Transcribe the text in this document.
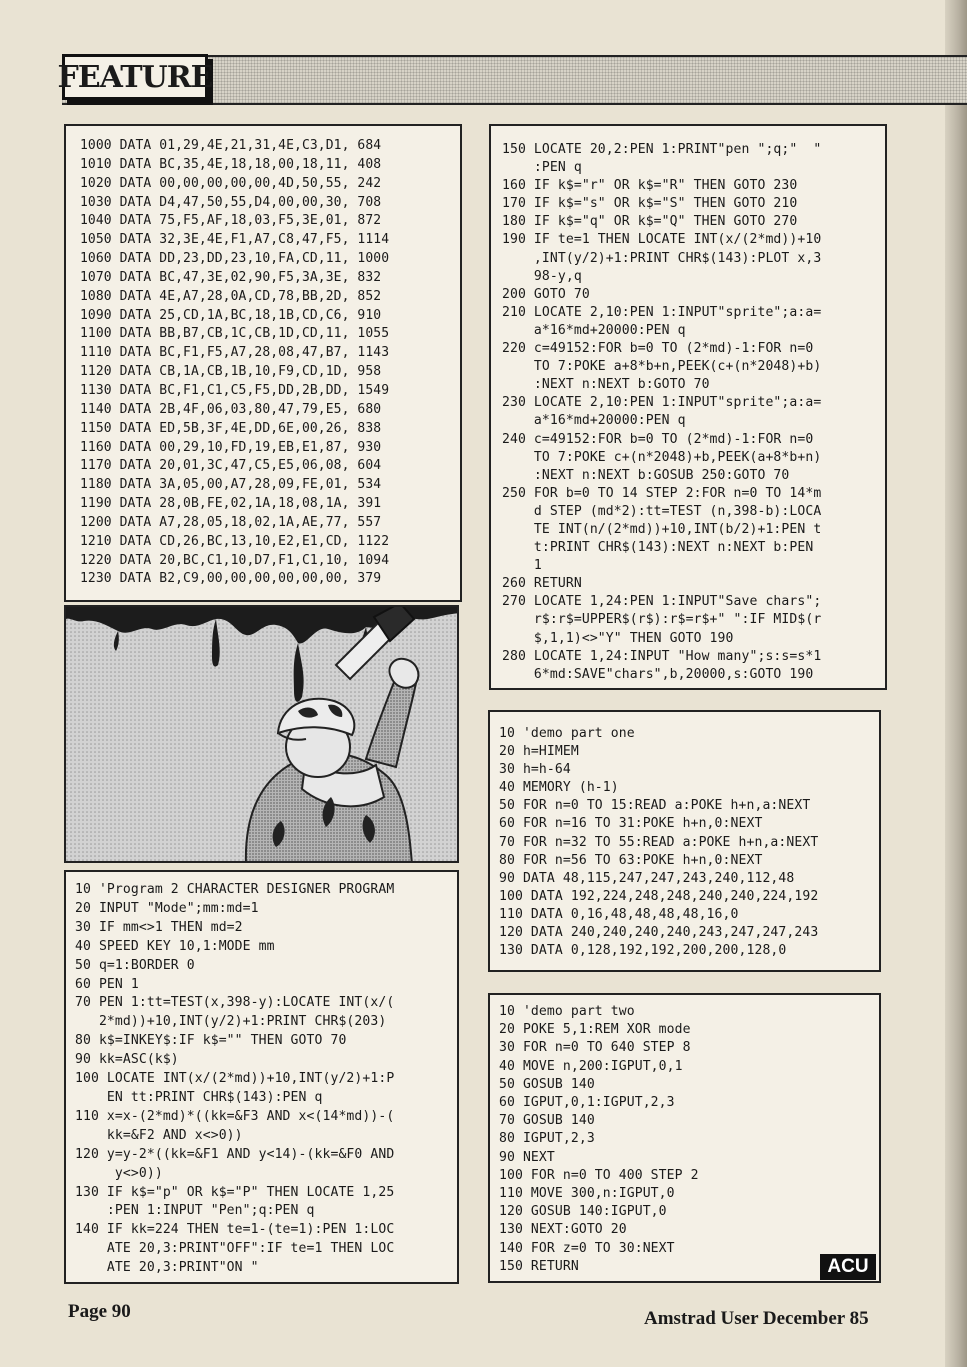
FEATURE
1000 DATA 01,29,4E,21,31,4E,C3,D1, 684
1010 DATA BC,35,4E,18,18,00,18,11, 408
1020 DATA 00,00,00,00,00,4D,50,55, 242
1030 DATA D4,47,50,55,D4,00,00,30, 708
1040 DATA 75,F5,AF,18,03,F5,3E,01, 872
1050 DATA 32,3E,4E,F1,A7,C8,47,F5, 1114
1060 DATA DD,23,DD,23,10,FA,CD,11, 1000
1070 DATA BC,47,3E,02,90,F5,3A,3E, 832
1080 DATA 4E,A7,28,0A,CD,78,BB,2D, 852
1090 DATA 25,CD,1A,BC,18,1B,CD,C6, 910
1100 DATA BB,B7,CB,1C,CB,1D,CD,11, 1055
1110 DATA BC,F1,F5,A7,28,08,47,B7, 1143
1120 DATA CB,1A,CB,1B,10,F9,CD,1D, 958
1130 DATA BC,F1,C1,C5,F5,DD,2B,DD, 1549
1140 DATA 2B,4F,06,03,80,47,79,E5, 680
1150 DATA ED,5B,3F,4E,DD,6E,00,26, 838
1160 DATA 00,29,10,FD,19,EB,E1,87, 930
1170 DATA 20,01,3C,47,C5,E5,06,08, 604
1180 DATA 3A,05,00,A7,28,09,FE,01, 534
1190 DATA 28,0B,FE,02,1A,18,08,1A, 391
1200 DATA A7,28,05,18,02,1A,AE,77, 557
1210 DATA CD,26,BC,13,10,E2,E1,CD, 1122
1220 DATA 20,BC,C1,10,D7,F1,C1,10, 1094
1230 DATA B2,C9,00,00,00,00,00,00, 379
150 LOCATE 20,2:PEN 1:PRINT"pen ";q;"  "
:PEN q
160 IF k$="r" OR k$="R" THEN GOTO 230
170 IF k$="s" OR k$="S" THEN GOTO 210
180 IF k$="q" OR k$="Q" THEN GOTO 270
190 IF te=1 THEN LOCATE INT(x/(2*md))+10
,INT(y/2)+1:PRINT CHR$(143):PLOT x,3
98-y,q
200 GOTO 70
210 LOCATE 2,10:PEN 1:INPUT"sprite";a:a=
a*16*md+20000:PEN q
220 c=49152:FOR b=0 TO (2*md)-1:FOR n=0
TO 7:POKE a+8*b+n,PEEK(c+(n*2048)+b)
:NEXT n:NEXT b:GOTO 70
230 LOCATE 2,10:PEN 1:INPUT"sprite";a:a=
a*16*md+20000:PEN q
240 c=49152:FOR b=0 TO (2*md)-1:FOR n=0
TO 7:POKE c+(n*2048)+b,PEEK(a+8*b+n)
:NEXT n:NEXT b:GOSUB 250:GOTO 70
250 FOR b=0 TO 14 STEP 2:FOR n=0 TO 14*m
d STEP (md*2):tt=TEST (n,398-b):LOCA
TE INT(n/(2*md))+10,INT(b/2)+1:PEN t
t:PRINT CHR$(143):NEXT n:NEXT b:PEN
1
260 RETURN
270 LOCATE 1,24:PEN 1:INPUT"Save chars";
r$:r$=UPPER$(r$):r$=r$+" ":IF MID$(r
$,1,1)<>"Y" THEN GOTO 190
280 LOCATE 1,24:INPUT "How many";s:s=s*1
6*md:SAVE"chars",b,20000,s:GOTO 190
10 'Program 2 CHARACTER DESIGNER PROGRAM
20 INPUT "Mode";mm:md=1
30 IF mm<>1 THEN md=2
40 SPEED KEY 10,1:MODE mm
50 q=1:BORDER 0
60 PEN 1
70 PEN 1:tt=TEST(x,398-y):LOCATE INT(x/(
2*md))+10,INT(y/2)+1:PRINT CHR$(203)
80 k$=INKEY$:IF k$="" THEN GOTO 70
90 kk=ASC(k$)
100 LOCATE INT(x/(2*md))+10,INT(y/2)+1:P
EN tt:PRINT CHR$(143):PEN q
110 x=x-(2*md)*((kk=&F3 AND x<(14*md))-(
kk=&F2 AND x<>0))
120 y=y-2*((kk=&F1 AND y<14)-(kk=&F0 AND
y<>0))
130 IF k$="p" OR k$="P" THEN LOCATE 1,25
:PEN 1:INPUT "Pen";q:PEN q
140 IF kk=224 THEN te=1-(te=1):PEN 1:LOC
ATE 20,3:PRINT"OFF":IF te=1 THEN LOC
ATE 20,3:PRINT"ON "
10 'demo part one
20 h=HIMEM
30 h=h-64
40 MEMORY (h-1)
50 FOR n=0 TO 15:READ a:POKE h+n,a:NEXT
60 FOR n=16 TO 31:POKE h+n,0:NEXT
70 FOR n=32 TO 55:READ a:POKE h+n,a:NEXT
80 FOR n=56 TO 63:POKE h+n,0:NEXT
90 DATA 48,115,247,247,243,240,112,48
100 DATA 192,224,248,248,240,240,224,192
110 DATA 0,16,48,48,48,48,16,0
120 DATA 240,240,240,240,243,247,247,243
130 DATA 0,128,192,192,200,200,128,0
10 'demo part two
20 POKE 5,1:REM XOR mode
30 FOR n=0 TO 640 STEP 8
40 MOVE n,200:IGPUT,0,1
50 GOSUB 140
60 IGPUT,0,1:IGPUT,2,3
70 GOSUB 140
80 IGPUT,2,3
90 NEXT
100 FOR n=0 TO 400 STEP 2
110 MOVE 300,n:IGPUT,0
120 GOSUB 140:IGPUT,0
130 NEXT:GOTO 20
140 FOR z=0 TO 30:NEXT
150 RETURN	ACU
Page 90	Amstrad User December 85
